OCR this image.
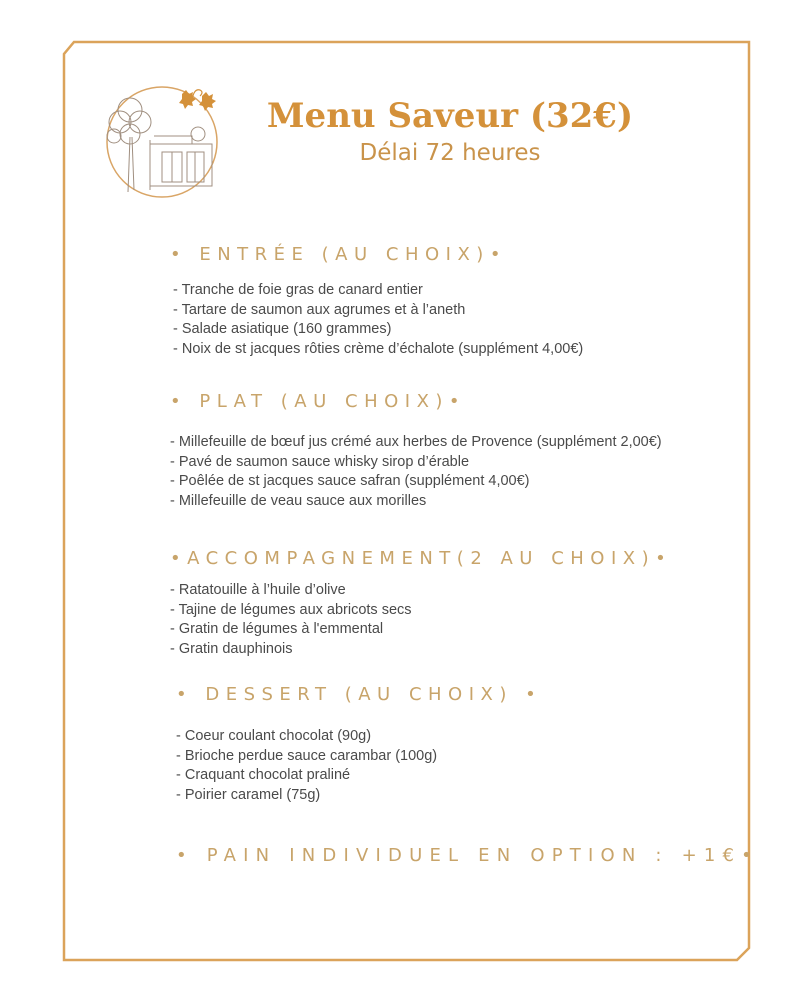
Menu Saveur (32€)
Délai 72 heures
• ENTRÉE (AU CHOIX)•
- Tranche de foie gras de canard entier
- Tartare de saumon aux agrumes et à l’aneth
- Salade asiatique (160 grammes)
- Noix de st jacques rôties crème d’échalote (supplément 4,00€)
• PLAT (AU CHOIX)•
- Millefeuille de bœuf jus crémé aux herbes de Provence (supplément 2,00€)
- Pavé de saumon sauce whisky sirop d’érable
- Poêlée de st jacques sauce safran (supplément 4,00€)
- Millefeuille de veau sauce aux morilles
•ACCOMPAGNEMENT(2 AU CHOIX)•
- Ratatouille à l’huile d’olive
- Tajine de légumes aux abricots secs
- Gratin de légumes à l'emmental
- Gratin dauphinois
• DESSERT (AU CHOIX) •
- Coeur coulant chocolat (90g)
- Brioche perdue sauce carambar (100g)
- Craquant chocolat praliné
- Poirier caramel (75g)
• PAIN INDIVIDUEL EN OPTION : +1€•
